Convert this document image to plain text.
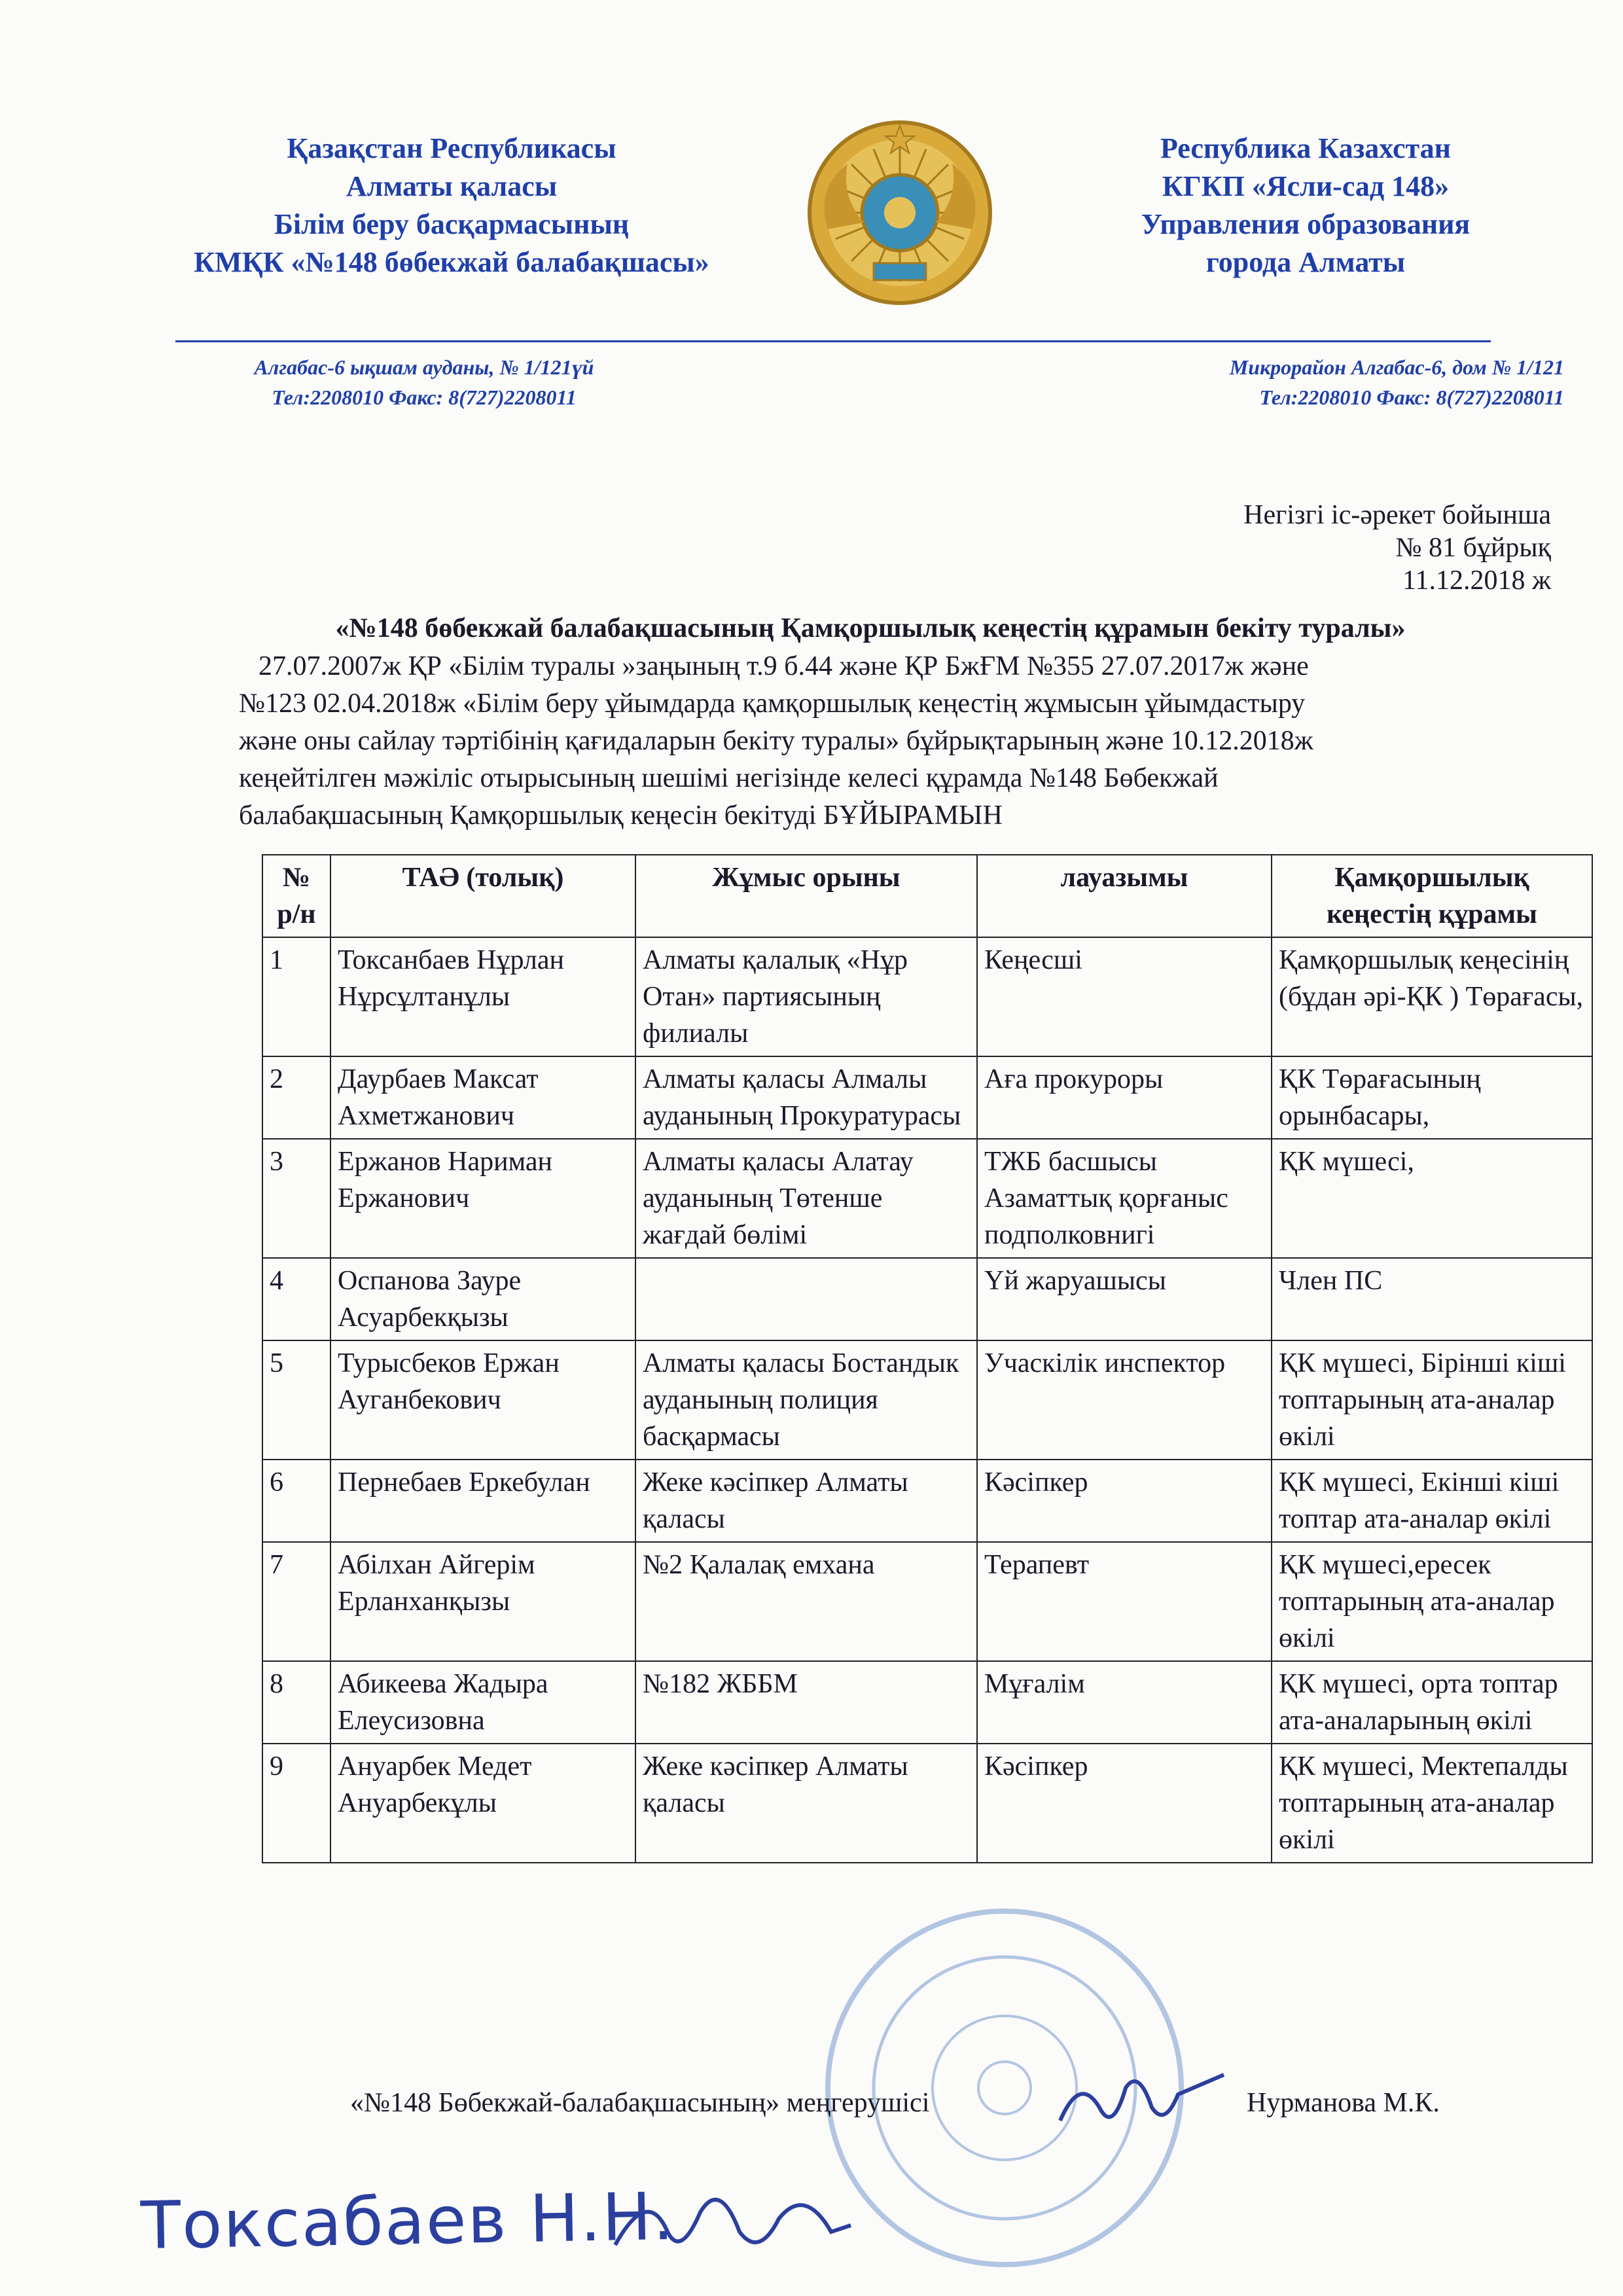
Қазақстан Республикасы
Алматы қаласы
Білім беру басқармасының
КМҚК «№148 бөбекжай балабақшасы»
Республика Казахстан
КГКП «Ясли-сад 148»
Управления образования
города Алматы
Алгабас-6 ықшам ауданы, № 1/121үй
Тел:2208010 Факс: 8(727)2208011
Микрорайон Алгабас-6, дом № 1/121
Тел:2208010 Факс: 8(727)2208011
Негізгі іс-әрекет бойынша
№ 81 бұйрық
11.12.2018 ж
«№148 бөбекжай балабақшасының Қамқоршылық кеңестің құрамын бекіту туралы»
27.07.2007ж ҚР «Білім туралы »заңының т.9 б.44 және ҚР БжҒМ №355 27.07.2017ж және
№123 02.04.2018ж «Білім беру ұйымдарда қамқоршылық кеңестің жұмысын ұйымдастыру
және оны сайлау тәртібінің қағидаларын бекіту туралы» бұйрықтарының және 10.12.2018ж
кеңейтілген мәжіліс отырысының шешімі негізінде келесі құрамда №148 Бөбекжай
балабақшасының Қамқоршылық кеңесін бекітуді БҰЙЫРАМЫН
№ р/н	ТАӘ (толық)	Жұмыс орыны	лауазымы	Қамқоршылық кеңестің құрамы
1	Токсанбаев Нұрлан Нұрсұлтанұлы	Алматы қалалық «Нұр Отан» партиясының филиалы	Кеңесші	Қамқоршылық кеңесінің (бұдан әрі-ҚК ) Төрағасы,
2	Даурбаев Максат Ахметжанович	Алматы қаласы Алмалы ауданының Прокуратурасы	Аға прокуроры	ҚК Төрағасының орынбасары,
3	Ержанов Нариман Ержанович	Алматы қаласы Алатау ауданының Төтенше жағдай бөлімі	ТЖБ басшысы Азаматтық қорғаныс подполковнигі	ҚК мүшесі,
4	Оспанова Зауре Асуарбекқызы		Үй жаруашысы	Член ПС
5	Турысбеков Ержан Ауганбекович	Алматы қаласы Бостандык ауданының полиция басқармасы	Учаскілік инспектор	ҚК мүшесі, Бірінші кіші топтарының ата-аналар өкілі
6	Пернебаев Еркебулан	Жеке кәсіпкер Алматы қаласы	Кәсіпкер	ҚК мүшесі, Екінші кіші топтар ата-аналар өкілі
7	Абілхан Айгерім Ерланханқызы	№2 Қалалақ емхана	Терапевт	ҚК мүшесі,ересек топтарының ата-аналар өкілі
8	Абикеева Жадыра Елеусизовна	№182 ЖББМ	Мұғалім	ҚК мүшесі, орта топтар ата-аналарының өкілі
9	Ануарбек Медет Ануарбекұлы	Жеке кәсіпкер Алматы қаласы	Кәсіпкер	ҚК мүшесі, Мектепалды топтарының ата-аналар өкілі
«№148 Бөбекжай-балабақшасының» меңгерушісі	Нурманова М.К.
Токсабаев Н.Н.
